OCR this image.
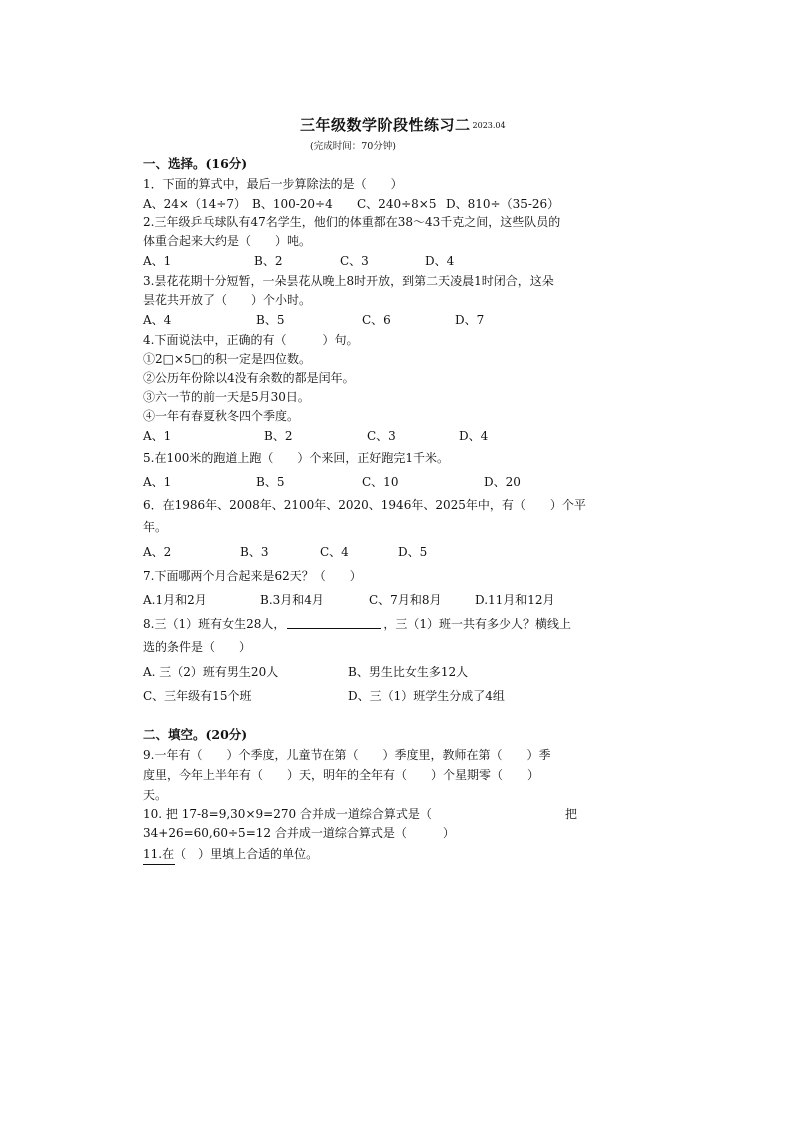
三年级数学阶段性练习二 2023.04
(完成时间：70分钟)
一、选择。(16分)
1．下面的算式中，最后一步算除法的是（　　）
A、24×（14÷7） B、100-20÷4 C、240÷8×5 D、810÷（35-26）
2.三年级乒乓球队有47名学生，他们的体重都在38～43千克之间，这些队员的
体重合起来大约是（　　）吨。
A、1	B、2	C、3	D、4
3.昙花花期十分短暂，一朵昙花从晚上8时开放，到第二天凌晨1时闭合，这朵
昙花共开放了（　　）个小时。
A、4	B、5	C、6	D、7
4.下面说法中，正确的有（　　　）句。
①2□×5□的积一定是四位数。
②公历年份除以4没有余数的都是闰年。
③六一节的前一天是5月30日。
④一年有春夏秋冬四个季度。
A、1	B、2	C、3	D、4
5.在100米的跑道上跑（　　）个来回，正好跑完1千米。
A、1	B、5	C、10	D、20
6．在1986年、2008年、2100年、2020、1946年、2025年中，有（　　）个平
年。
A、2	B、3	C、4	D、5
7.下面哪两个月合起来是62天？（　　）
A.1月和2月	B.3月和4月	C、7月和8月	D.11月和12月
8.三（1）班有女生28人，	，三（1）班一共有多少人？横线上
选的条件是（　　）
A. 三（2）班有男生20人	B、男生比女生多12人
C、三年级有15个班	D、三（1）班学生分成了4组
二、填空。(20分)
9.一年有（　　）个季度，儿童节在第（　　）季度里，教师在第（　　）季
度里，今年上半年有（　　）天，明年的全年有（　　）个星期零（　　）
天。
10. 把 17-8=9,30×9=270 合并成一道综合算式是（	把
34+26=60,60÷5=12 合并成一道综合算式是（　　　）
11.在（　）里填上合适的单位。
